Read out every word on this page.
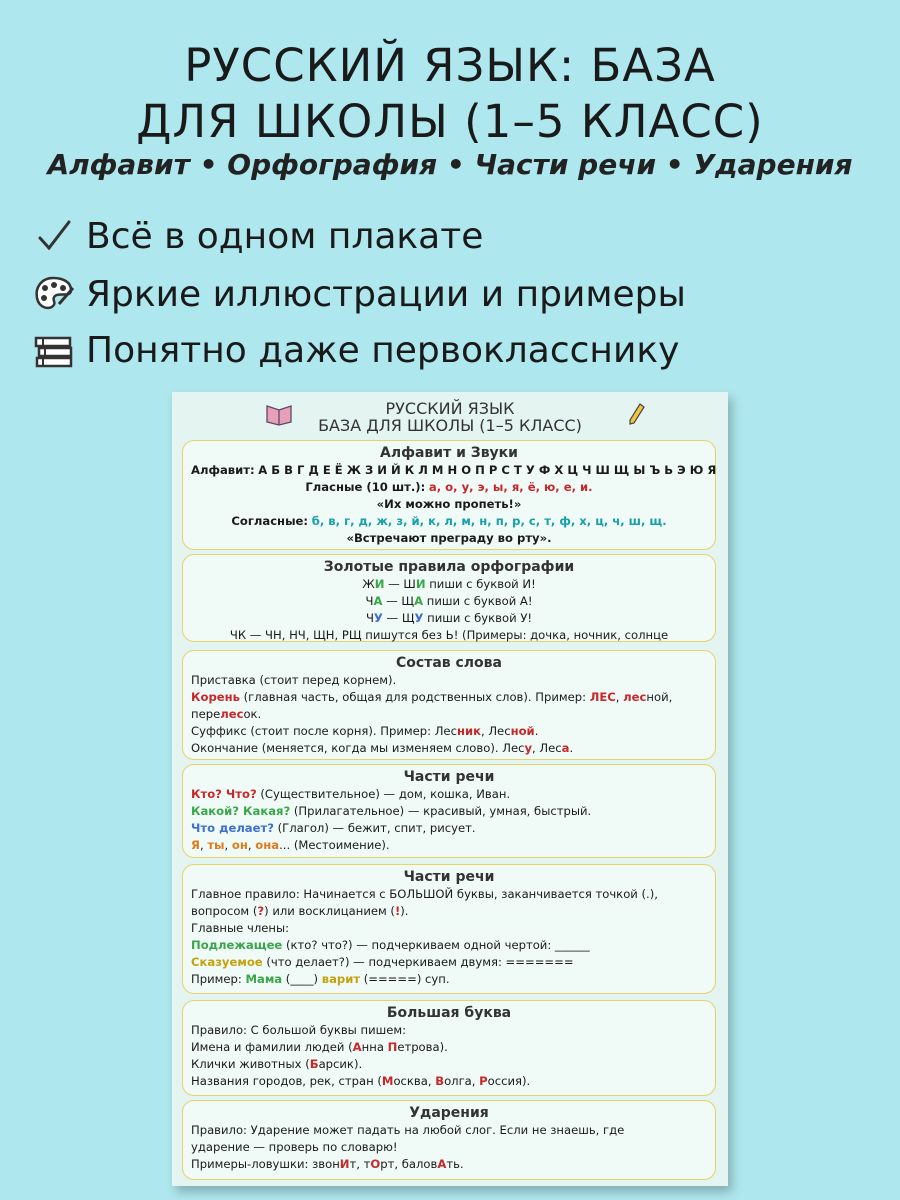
РУССКИЙ ЯЗЫК: БАЗА
ДЛЯ ШКОЛЫ (1–5 КЛАСС)
Алфавит • Орфография • Части речи • Ударения
Всё в одном плакате
Яркие иллюстрации и примеры
Понятно даже первокласснику
РУССКИЙ ЯЗЫК
БАЗА ДЛЯ ШКОЛЫ (1–5 КЛАСС)
Алфавит и Звуки
Алфавит: А Б В Г Д Е Ё Ж З И Й К Л М Н О П Р С Т У Ф Х Ц Ч Ш Щ Ы Ъ Ь Э Ю Я
Гласные (10 шт.): а, о, у, э, ы, я, ё, ю, е, и.
«Их можно пропеть!»
Согласные: б, в, г, д, ж, з, й, к, л, м, н, п, р, с, т, ф, х, ц, ч, ш, щ.
«Встречают преграду во рту».
Золотые правила орфографии
ЖИ — ШИ пиши с буквой И!
ЧА — ЩА пиши с буквой А!
ЧУ — ЩУ пиши с буквой У!
ЧК — ЧН, НЧ, ЩН, РЩ пишутся без Ь! (Примеры: дочка, ночник, солнце
Состав слова
Приставка (стоит перед корнем).
Корень (главная часть, общая для родственных слов). Пример: ЛЕС, лесной,
перелесок.
Суффикс (стоит после корня). Пример: Лесник, Лесной.
Окончание (меняется, когда мы изменяем слово). Лесу, Леса.
Части речи
Кто? Что? (Существительное) — дом, кошка, Иван.
Какой? Какая? (Прилагательное) — красивый, умная, быстрый.
Что делает? (Глагол) — бежит, спит, рисует.
Я, ты, он, она... (Местоимение).
Части речи
Главное правило: Начинается с БОЛЬШОЙ буквы, заканчивается точкой (.),
вопросом (?) или восклицанием (!).
Главные члены:
Подлежащее (кто? что?) — подчеркиваем одной чертой: ______
Сказуемое (что делает?) — подчеркиваем двумя: =======
Пример: Мама (____) варит (=====) суп.
Большая буква
Правило: С большой буквы пишем:
Имена и фамилии людей (Анна Петрова).
Клички животных (Барсик).
Названия городов, рек, стран (Москва, Волга, Россия).
Ударения
Правило: Ударение может падать на любой слог. Если не знаешь, где
ударение — проверь по словарю!
Примеры-ловушки: звонИт, тОрт, баловАть.
